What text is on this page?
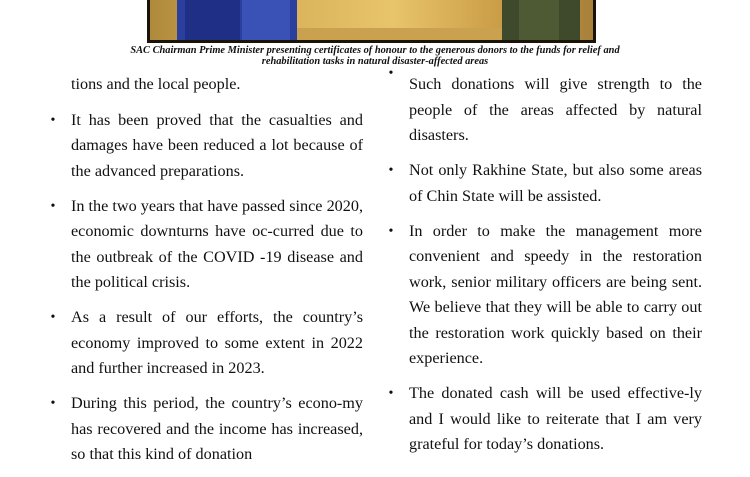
SAC Chairman Prime Minister presenting certificates of honour to the generous donors to the funds for relief and
rehabilitation tasks in natural disaster-affected areas
tions and the local people.
• It has been proved that the casualties and damages have been reduced a lot because of the advanced preparations.
• In the two years that have passed since 2020, economic downturns have oc-curred due to the outbreak of the COVID -19 disease and the political crisis.
• As a result of our efforts, the country’s economy improved to some extent in 2022 and further increased in 2023.
• During this period, the country’s econo-my has recovered and the income has increased, so that this kind of donation
•
Such donations will give strength to the people of the areas affected by natural disasters.
• Not only Rakhine State, but also some areas of Chin State will be assisted.
• In order to make the management more convenient and speedy in the restoration work, senior military officers are being sent. We believe that they will be able to carry out the restoration work quickly based on their experience.
• The donated cash will be used effective-ly and I would like to reiterate that I am very grateful for today’s donations.
